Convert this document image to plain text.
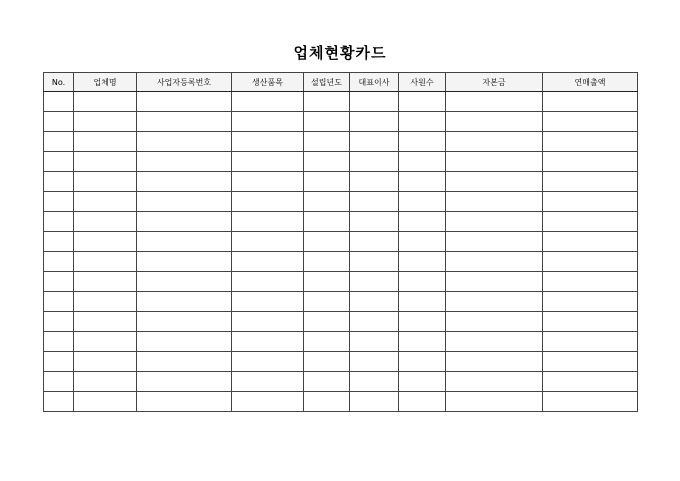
업체현황카드
No.	업체명	사업자등록번호	생산품목	설립년도	대표이사	사원수	자본금	연매출액
